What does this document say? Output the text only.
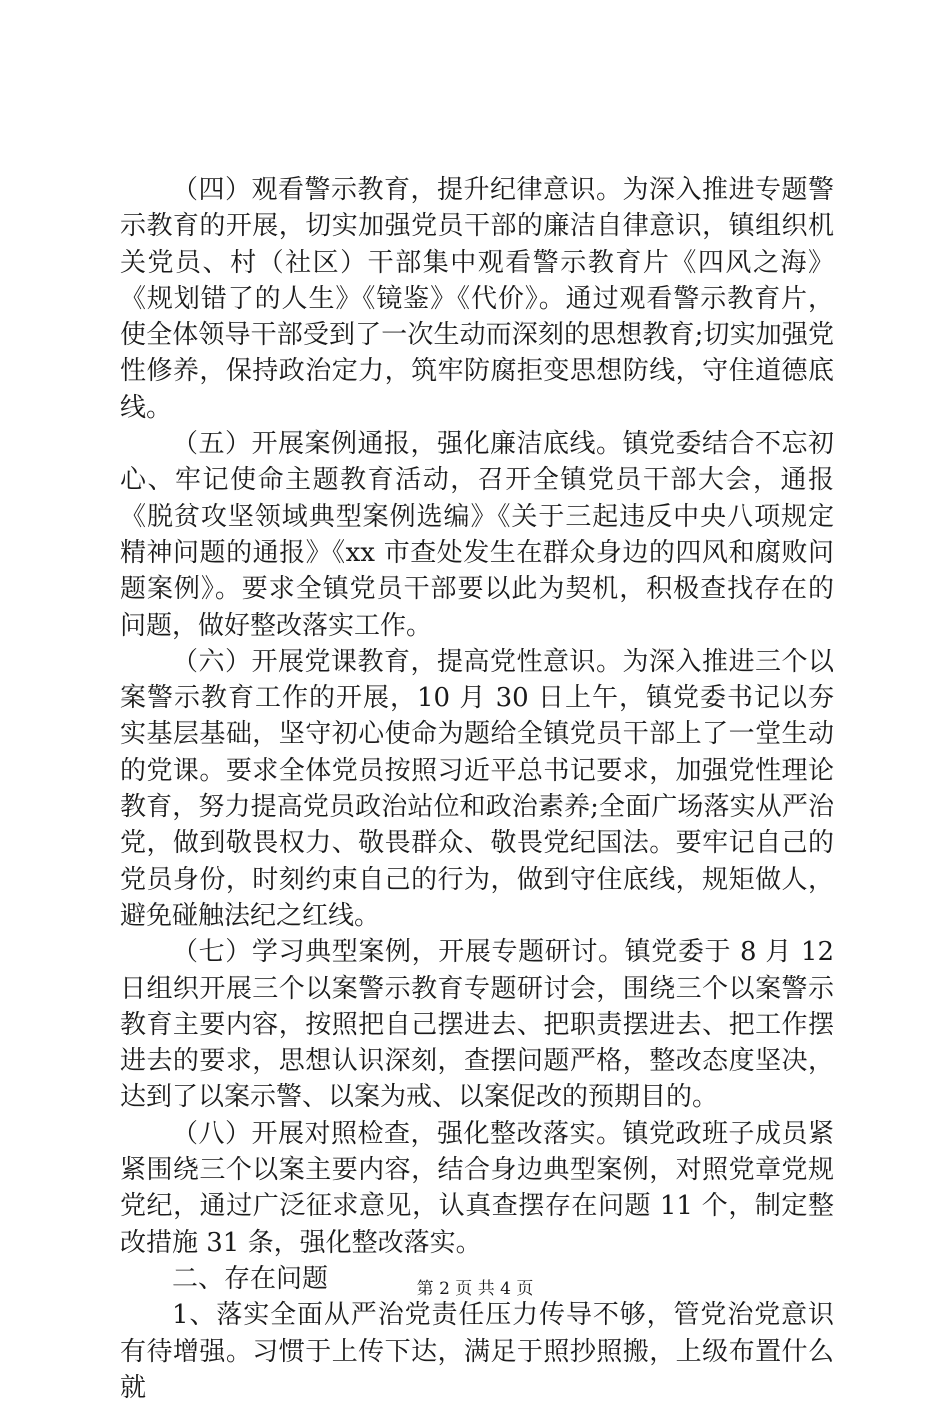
（四）观看警示教育，提升纪律意识。为深入推进专题警示教育的开展，切实加强党员干部的廉洁自律意识，镇组织机关党员、村（社区）干部集中观看警示教育片《四风之海》《规划错了的人生》《镜鉴》《代价》。通过观看警示教育片，使全体领导干部受到了一次生动而深刻的思想教育;切实加强党性修养，保持政治定力，筑牢防腐拒变思想防线，守住道德底线。

（五）开展案例通报，强化廉洁底线。镇党委结合不忘初心、牢记使命主题教育活动，召开全镇党员干部大会，通报《脱贫攻坚领域典型案例选编》《关于三起违反中央八项规定精神问题的通报》《xx 市查处发生在群众身边的四风和腐败问题案例》。要求全镇党员干部要以此为契机，积极查找存在的问题，做好整改落实工作。

（六）开展党课教育，提高党性意识。为深入推进三个以案警示教育工作的开展，10 月 30 日上午，镇党委书记以夯实基层基础，坚守初心使命为题给全镇党员干部上了一堂生动的党课。要求全体党员按照习近平总书记要求，加强党性理论教育，努力提高党员政治站位和政治素养;全面广场落实从严治党，做到敬畏权力、敬畏群众、敬畏党纪国法。要牢记自己的党员身份，时刻约束自己的行为，做到守住底线，规矩做人，避免碰触法纪之红线。

（七）学习典型案例，开展专题研讨。镇党委于 8 月 12 日组织开展三个以案警示教育专题研讨会，围绕三个以案警示教育主要内容，按照把自己摆进去、把职责摆进去、把工作摆进去的要求，思想认识深刻，查摆问题严格，整改态度坚决，达到了以案示警、以案为戒、以案促改的预期目的。

（八）开展对照检查，强化整改落实。镇党政班子成员紧紧围绕三个以案主要内容，结合身边典型案例，对照党章党规党纪，通过广泛征求意见，认真查摆存在问题 11 个，制定整改措施 31 条，强化整改落实。

二、存在问题

1、落实全面从严治党责任压力传导不够，管党治党意识有待增强。习惯于上传下达，满足于照抄照搬，上级布置什么就

第 2 页 共 4 页
